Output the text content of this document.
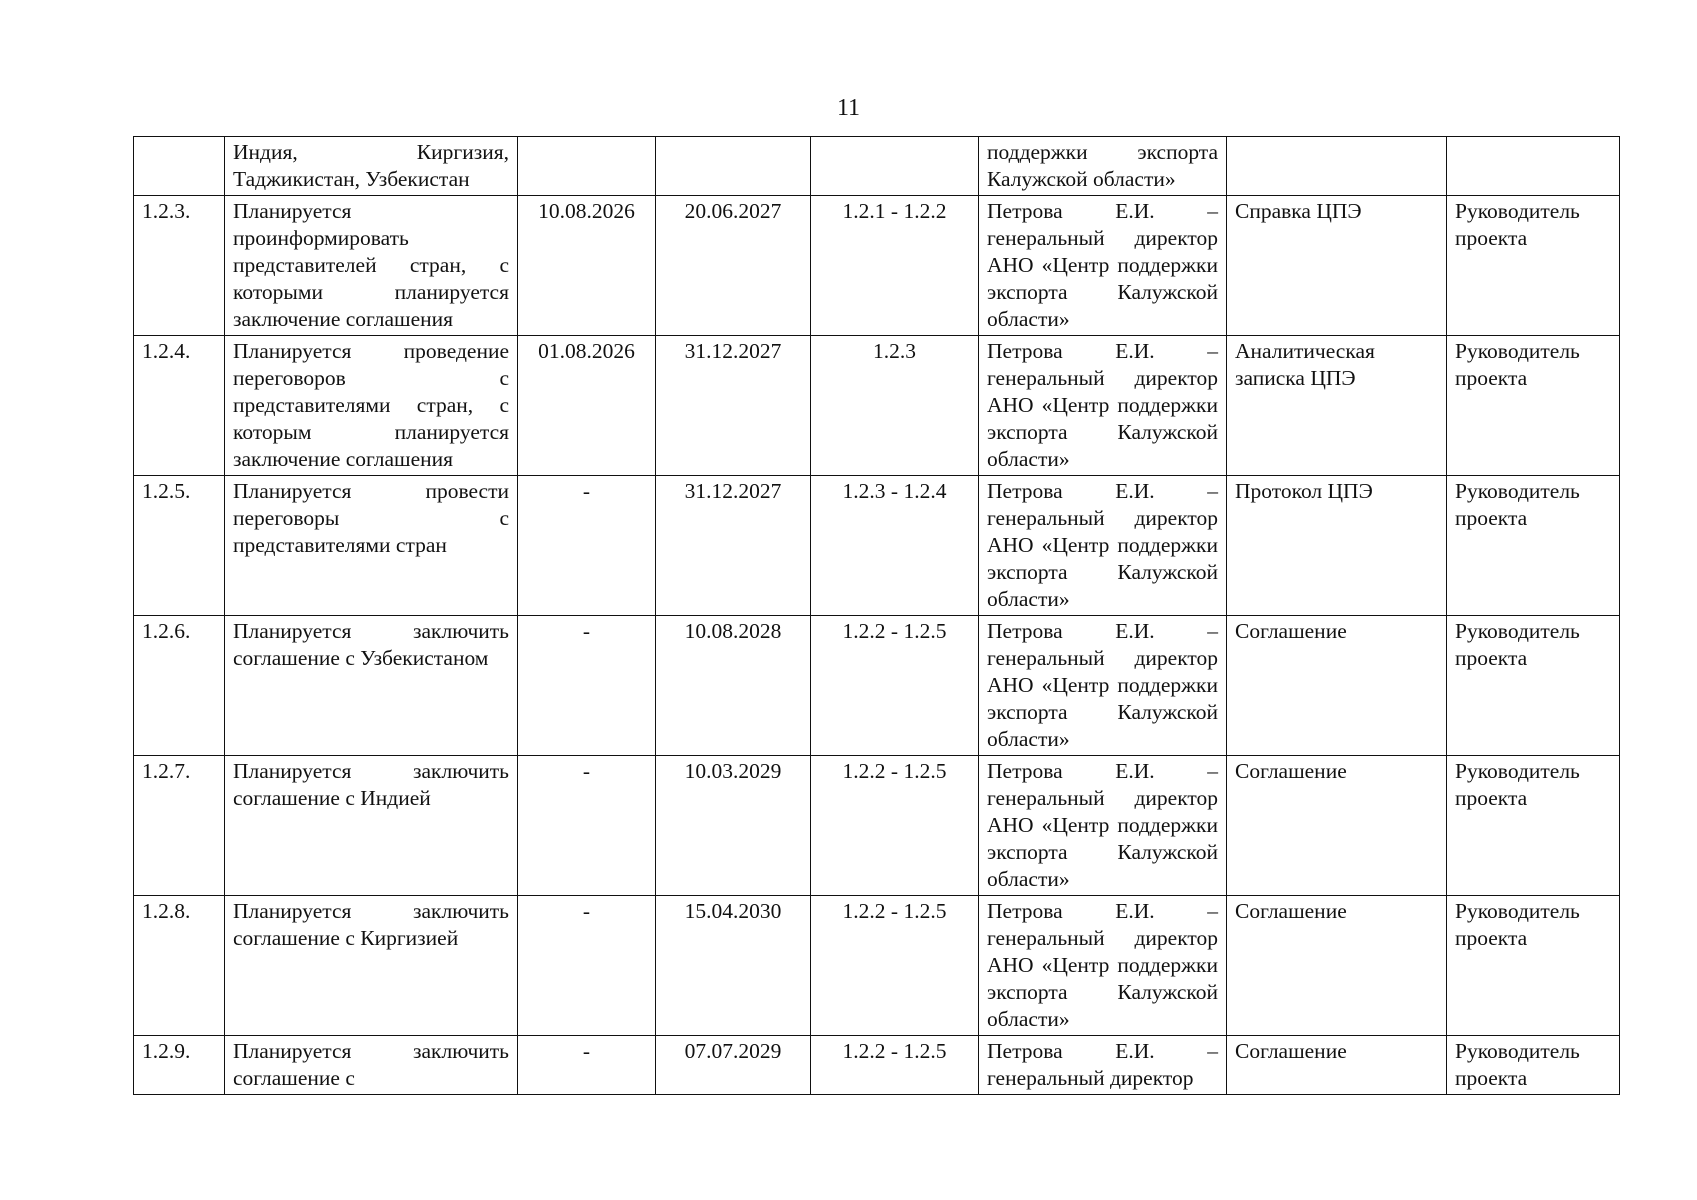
11
	Индия, Киргизия, Таджикистан, Узбекистан				поддержки экспорта Калужской области»		
1.2.3.	Планируется проинформировать представителей стран, с которыми планируется заключение соглашения	10.08.2026	20.06.2027	1.2.1 - 1.2.2	Петрова Е.И. – генеральный директор АНО «Центр поддержки экспорта Калужской области»	Справка ЦПЭ	Руководитель проекта
1.2.4.	Планируется проведение переговоров с представителями стран, с которым планируется заключение соглашения	01.08.2026	31.12.2027	1.2.3	Петрова Е.И. – генеральный директор АНО «Центр поддержки экспорта Калужской области»	Аналитическая записка ЦПЭ	Руководитель проекта
1.2.5.	Планируется провести переговоры с представителями стран	-	31.12.2027	1.2.3 - 1.2.4	Петрова Е.И. – генеральный директор АНО «Центр поддержки экспорта Калужской области»	Протокол ЦПЭ	Руководитель проекта
1.2.6.	Планируется заключить соглашение с Узбекистаном	-	10.08.2028	1.2.2 - 1.2.5	Петрова Е.И. – генеральный директор АНО «Центр поддержки экспорта Калужской области»	Соглашение	Руководитель проекта
1.2.7.	Планируется заключить соглашение с Индией	-	10.03.2029	1.2.2 - 1.2.5	Петрова Е.И. – генеральный директор АНО «Центр поддержки экспорта Калужской области»	Соглашение	Руководитель проекта
1.2.8.	Планируется заключить соглашение с Киргизией	-	15.04.2030	1.2.2 - 1.2.5	Петрова Е.И. – генеральный директор АНО «Центр поддержки экспорта Калужской области»	Соглашение	Руководитель проекта
1.2.9.	Планируется заключить соглашение с	-	07.07.2029	1.2.2 - 1.2.5	Петрова Е.И. – генеральный директор	Соглашение	Руководитель проекта
